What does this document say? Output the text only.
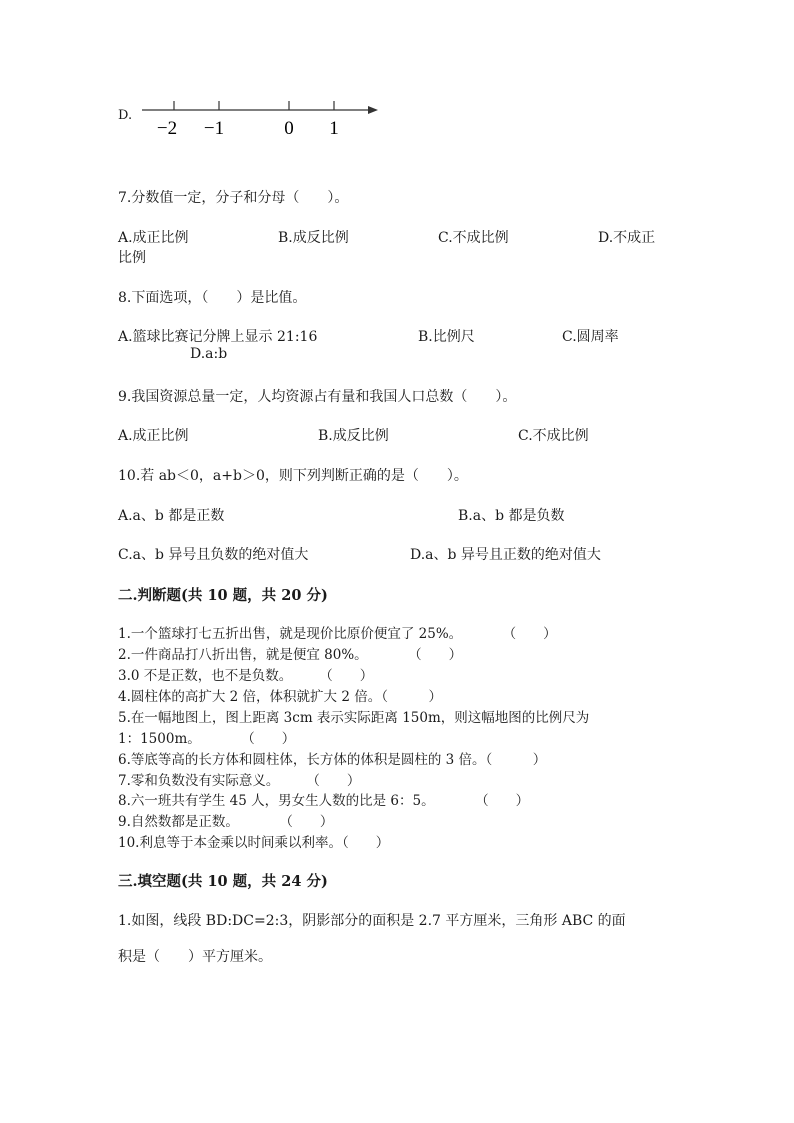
D.
−2 −1	0 1
7.分数值一定，分子和分母（　　）。
A.成正比例	B.成反比例	C.不成比例	D.不成正
比例
8.下面选项，（　　）是比值。
A.篮球比赛记分牌上显示 21:16	B.比例尺	C.圆周率
D.a:b
9.我国资源总量一定，人均资源占有量和我国人口总数（　　）。
A.成正比例	B.成反比例	C.不成比例
10.若 ab＜0，a+b＞0，则下列判断正确的是（　　）。
A.a、b 都是正数	B.a、b 都是负数
C.a、b 异号且负数的绝对值大	D.a、b 异号且正数的绝对值大
二.判断题(共 10 题，共 20 分)
1.一个篮球打七五折出售，就是现价比原价便宜了 25%。　　　　（　　）
2.一件商品打八折出售，就是便宜 80%。　　　　（　　）
3.0 不是正数，也不是负数。　　　（　　）
4.圆柱体的高扩大 2 倍，体积就扩大 2 倍。（　　　）
5.在一幅地图上，图上距离 3cm 表示实际距离 150m，则这幅地图的比例尺为
1：1500m。　　　　（　　）
6.等底等高的长方体和圆柱体，长方体的体积是圆柱的 3 倍。（　　　）
7.零和负数没有实际意义。　　　（　　）
8.六一班共有学生 45 人，男女生人数的比是 6：5。　　　　（　　）
9.自然数都是正数。　　　　（　　）
10.利息等于本金乘以时间乘以利率。（　　）
三.填空题(共 10 题，共 24 分)
1.如图，线段 BD:DC=2:3，阴影部分的面积是 2.7 平方厘米，三角形 ABC 的面
积是（　　）平方厘米。
